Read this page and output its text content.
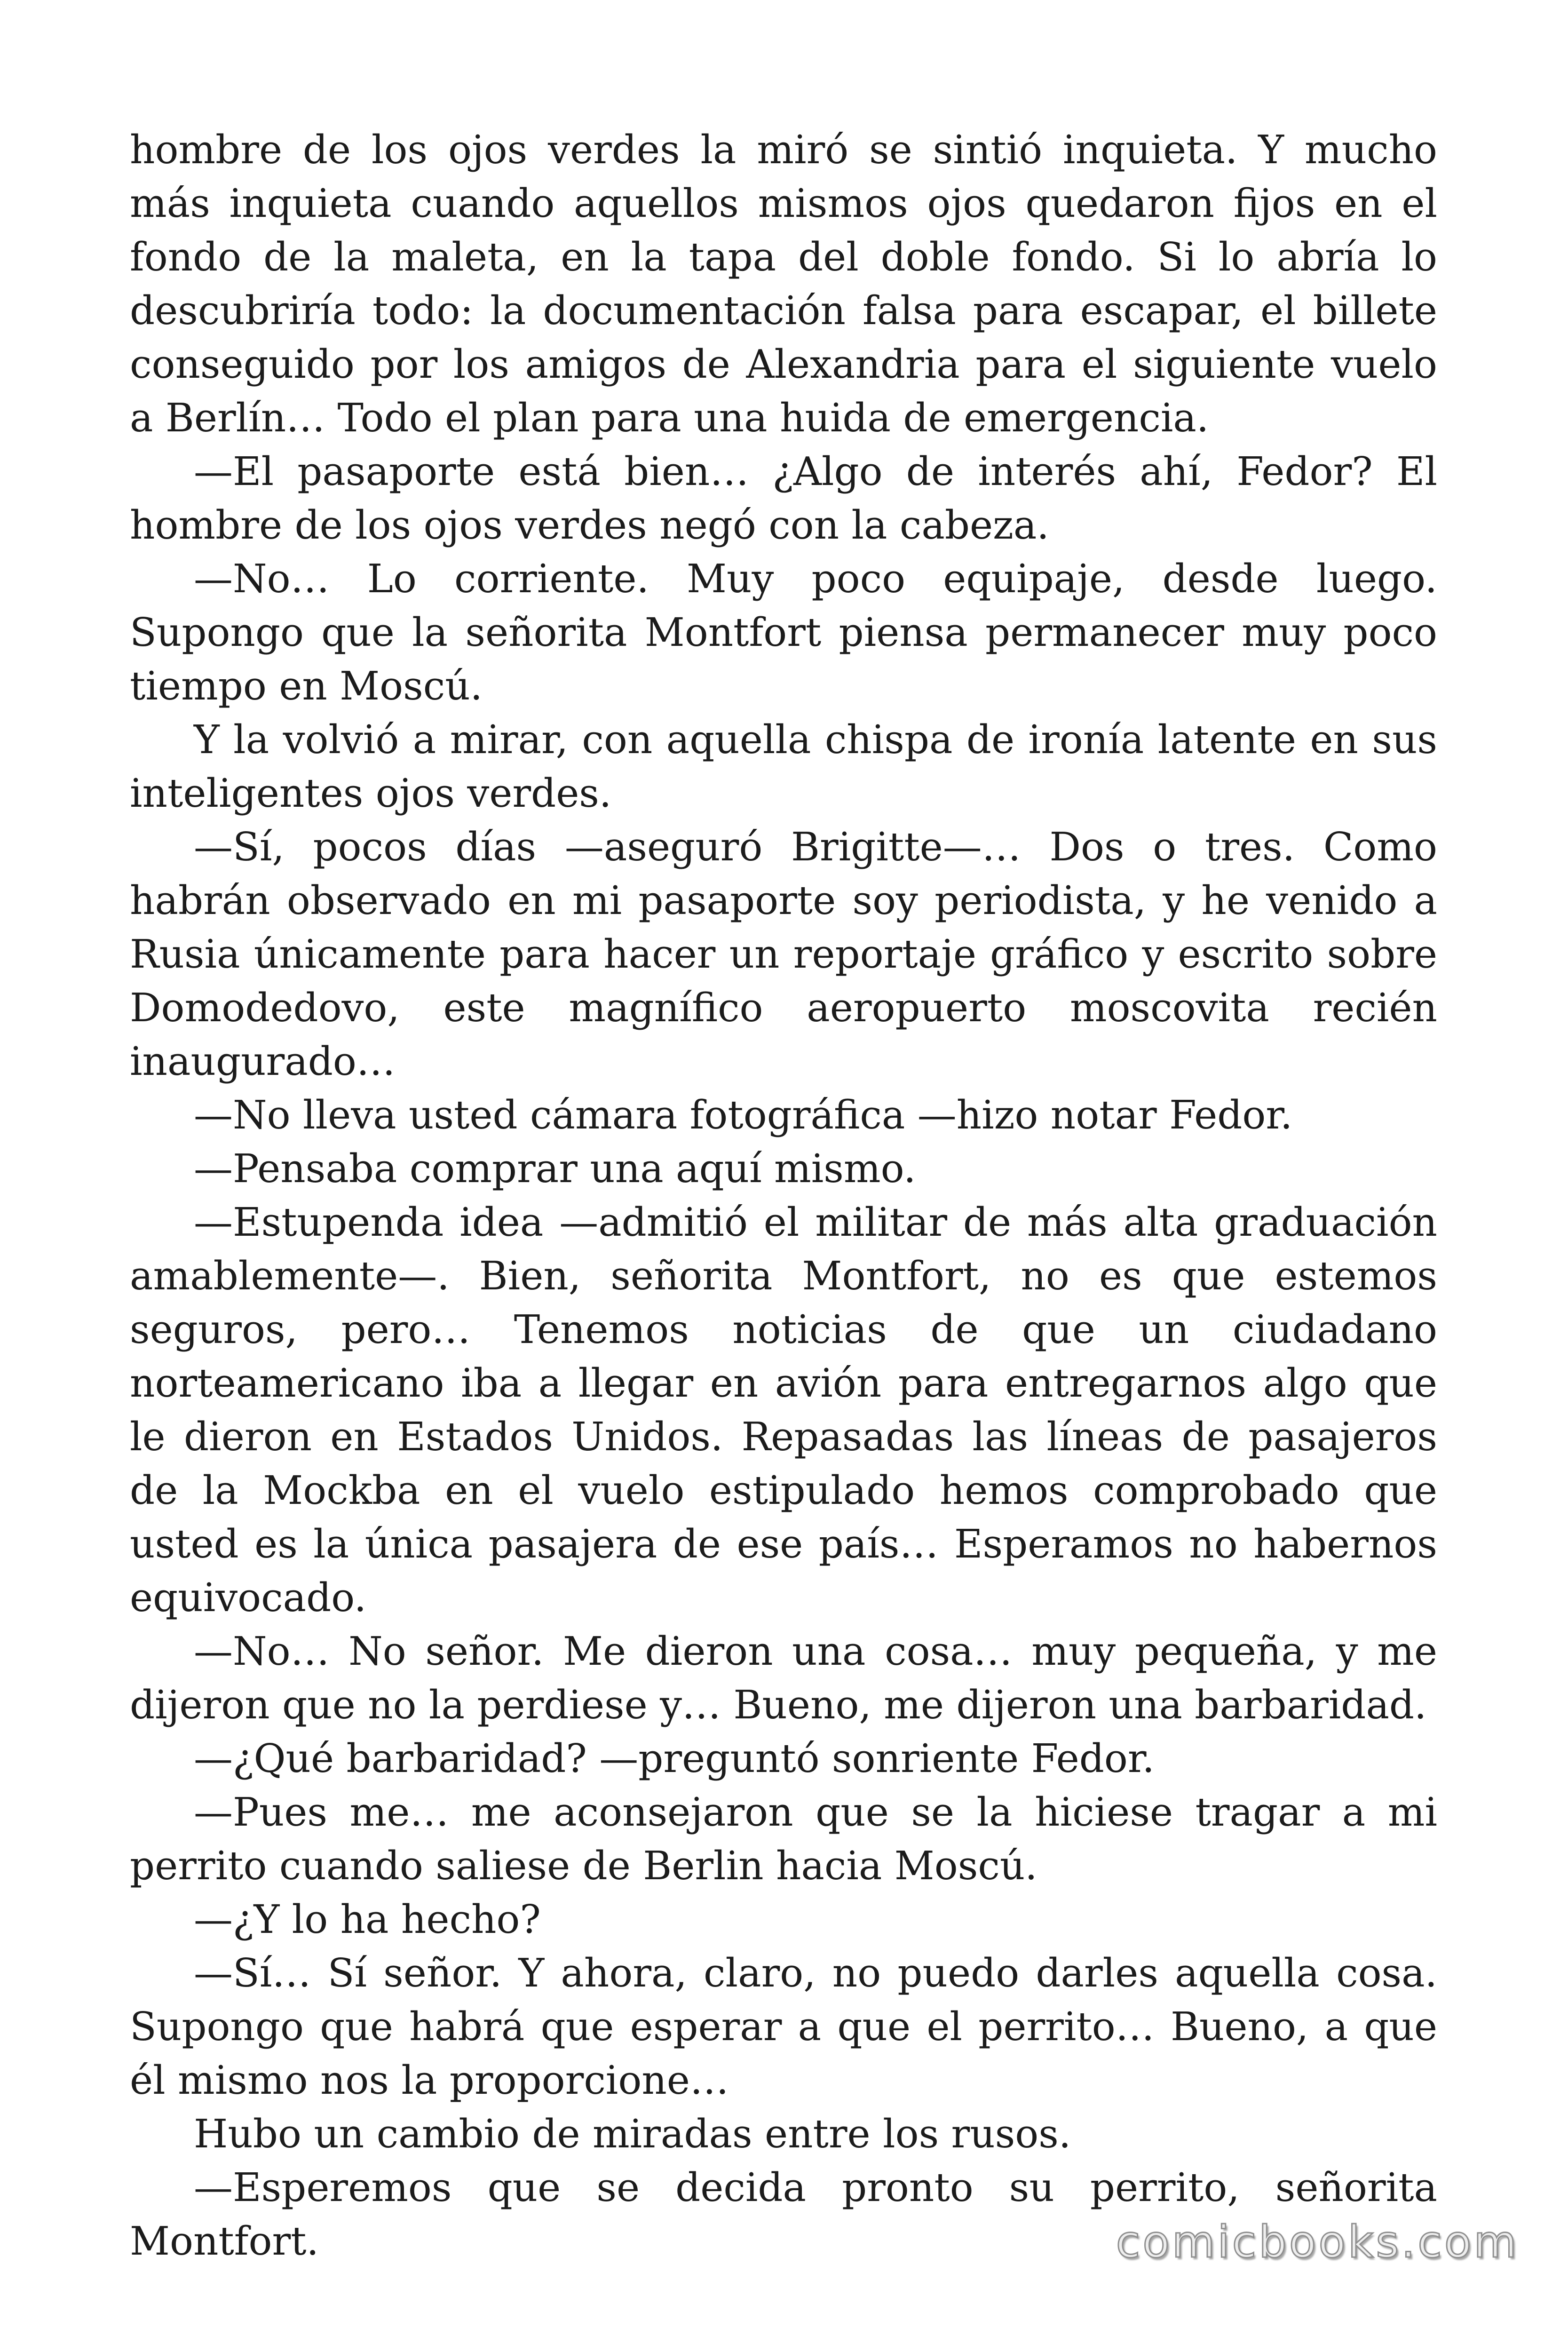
hombre de los ojos verdes la miró se sintió inquieta. Y mucho más inquieta cuando aquellos mismos ojos quedaron fijos en el fondo de la maleta, en la tapa del doble fondo. Si lo abría lo descubriría todo: la documentación falsa para escapar, el billete conseguido por los amigos de Alexandria para el siguiente vuelo a Berlín… Todo el plan para una huida de emergencia.

—El pasaporte está bien… ¿Algo de interés ahí, Fedor? El hombre de los ojos verdes negó con la cabeza.

—No… Lo corriente. Muy poco equipaje, desde luego. Supongo que la señorita Montfort piensa permanecer muy poco tiempo en Moscú.

Y la volvió a mirar, con aquella chispa de ironía latente en sus inteligentes ojos verdes.

—Sí, pocos días —aseguró Brigitte—… Dos o tres. Como habrán observado en mi pasaporte soy periodista, y he venido a Rusia únicamente para hacer un reportaje gráfico y escrito sobre Domodedovo, este magnífico aeropuerto moscovita recién inaugurado…

—No lleva usted cámara fotográfica —hizo notar Fedor.

—Pensaba comprar una aquí mismo.

—Estupenda idea —admitió el militar de más alta graduación amablemente—. Bien, señorita Montfort, no es que estemos seguros, pero… Tenemos noticias de que un ciudadano norteamericano iba a llegar en avión para entregarnos algo que le dieron en Estados Unidos. Repasadas las líneas de pasajeros de la Mockba en el vuelo estipulado hemos comprobado que usted es la única pasajera de ese país… Esperamos no habernos equivocado.

—No… No señor. Me dieron una cosa… muy pequeña, y me dijeron que no la perdiese y… Bueno, me dijeron una barbaridad.

—¿Qué barbaridad? —preguntó sonriente Fedor.

—Pues me… me aconsejaron que se la hiciese tragar a mi perrito cuando saliese de Berlin hacia Moscú.

—¿Y lo ha hecho?

—Sí… Sí señor. Y ahora, claro, no puedo darles aquella cosa. Supongo que habrá que esperar a que el perrito… Bueno, a que él mismo nos la proporcione…

Hubo un cambio de miradas entre los rusos.

—Esperemos que se decida pronto su perrito, señorita Montfort.	comicbooks.com
